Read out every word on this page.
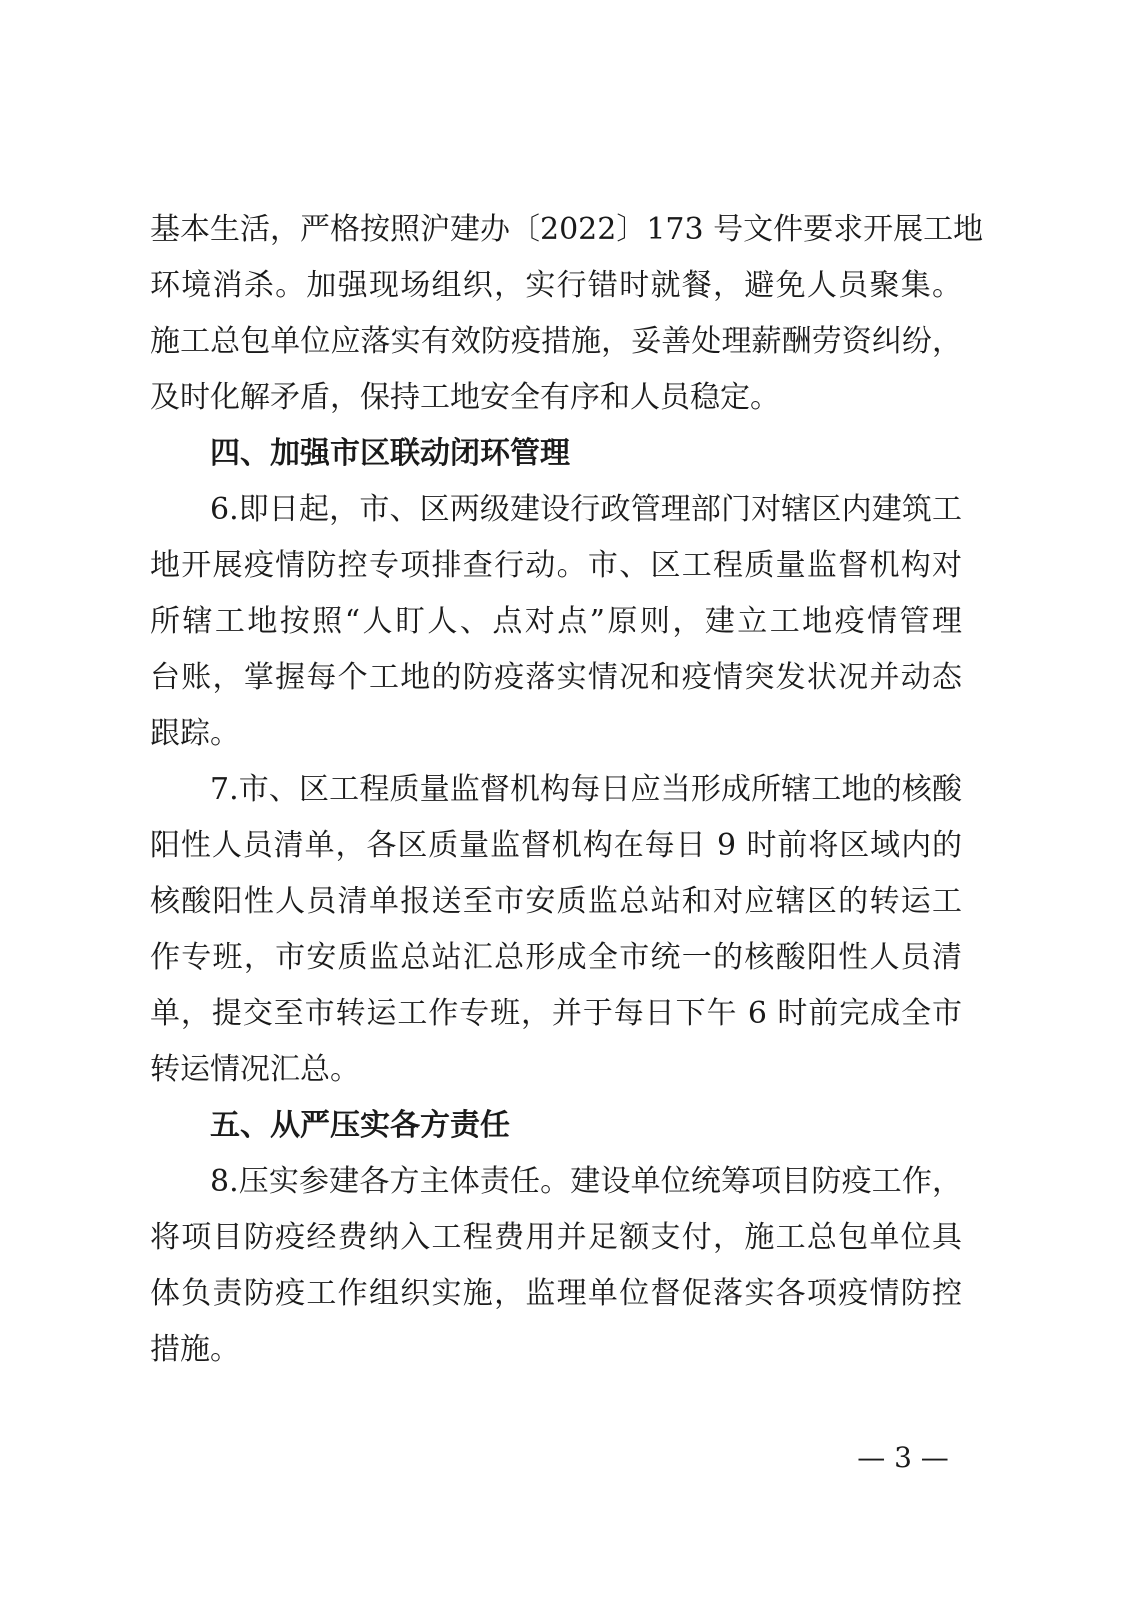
基本生活，严格按照沪建办〔2022〕173 号文件要求开展工地
环境消杀。加强现场组织，实行错时就餐，避免人员聚集。
施工总包单位应落实有效防疫措施，妥善处理薪酬劳资纠纷，
及时化解矛盾，保持工地安全有序和人员稳定。
四、加强市区联动闭环管理
6.即日起，市、区两级建设行政管理部门对辖区内建筑工
地开展疫情防控专项排查行动。市、区工程质量监督机构对
所辖工地按照“人盯人、点对点”原则，建立工地疫情管理
台账，掌握每个工地的防疫落实情况和疫情突发状况并动态
跟踪。
7.市、区工程质量监督机构每日应当形成所辖工地的核酸
阳性人员清单，各区质量监督机构在每日 9 时前将区域内的
核酸阳性人员清单报送至市安质监总站和对应辖区的转运工
作专班，市安质监总站汇总形成全市统一的核酸阳性人员清
单，提交至市转运工作专班，并于每日下午 6 时前完成全市
转运情况汇总。
五、从严压实各方责任
8.压实参建各方主体责任。建设单位统筹项目防疫工作，
将项目防疫经费纳入工程费用并足额支付，施工总包单位具
体负责防疫工作组织实施，监理单位督促落实各项疫情防控
措施。
— 3 —
